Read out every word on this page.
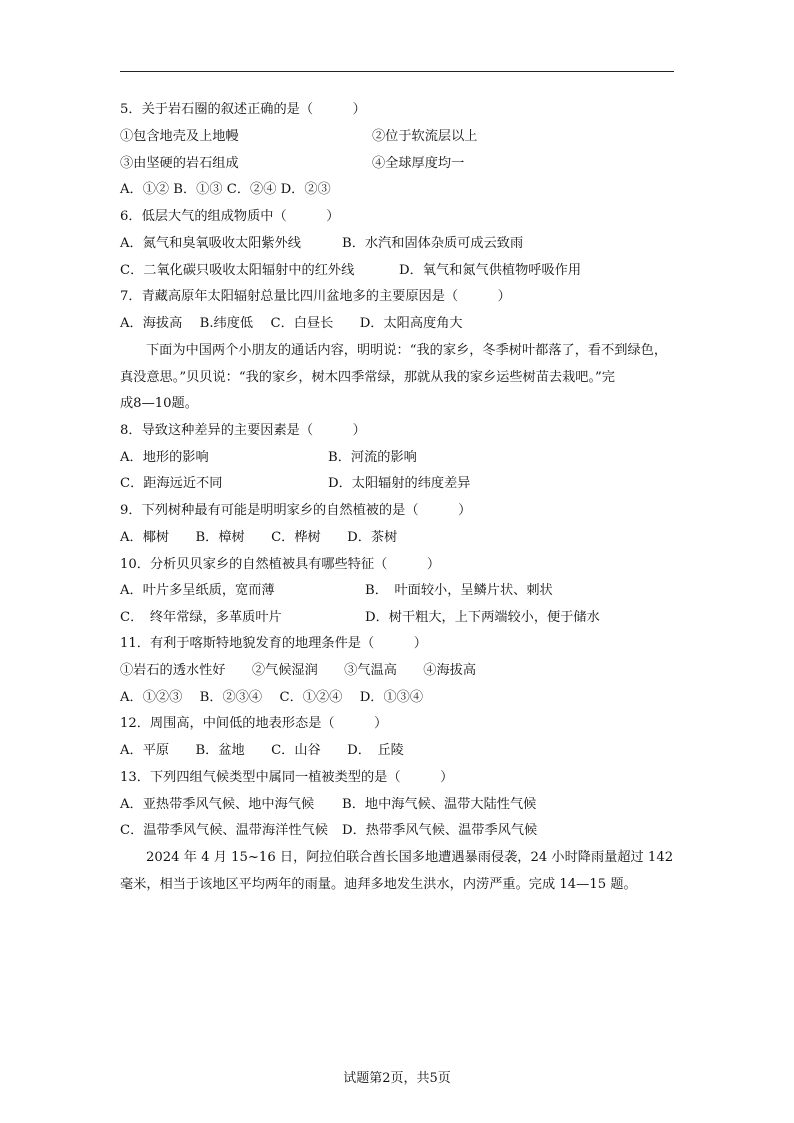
5．关于岩石圈的叙述正确的是（　　　）
①包含地壳及上地幔	②位于软流层以上
③由坚硬的岩石组成	④全球厚度均一
A．①② B．①③ C．②④ D．②③
6．低层大气的组成物质中（　　　）
A．氮气和臭氧吸收太阳紫外线	B．水汽和固体杂质可成云致雨
C．二氧化碳只吸收太阳辐射中的红外线	D．氧气和氮气供植物呼吸作用
7．青藏高原年太阳辐射总量比四川盆地多的主要原因是（　　　）
A．海拔高　 B.纬度低　 C．白昼长　　D．太阳高度角大
下面为中国两个小朋友的通话内容，明明说：“我的家乡，冬季树叶都落了，看不到绿色，
真没意思。”贝贝说：“我的家乡，树木四季常绿，那就从我的家乡运些树苗去栽吧。”完
成8—10题。
8．导致这种差异的主要因素是（　　　）
A．地形的影响	B．河流的影响
C．距海远近不同	D．太阳辐射的纬度差异
9．下列树种最有可能是明明家乡的自然植被的是（　　　）
A．椰树　　B．樟树　　C．桦树　　D．茶树
10．分析贝贝家乡的自然植被具有哪些特征（　　　）
A．叶片多呈纸质，宽而薄	B．　叶面较小，呈鳞片状、刺状
C．　终年常绿，多革质叶片	D．树干粗大，上下两端较小，便于储水
11．有利于喀斯特地貌发育的地理条件是（　　　）
①岩石的透水性好　　②气候湿润　　③气温高　　④海拔高
A．①②③　 B．②③④　 C．①②④　 D．①③④
12．周围高，中间低的地表形态是（　　　）
A．平原　　B．盆地　　C．山谷　　D．　丘陵
13．下列四组气候类型中属同一植被类型的是（　　　）
A．亚热带季风气候、地中海气候 B．地中海气候、温带大陆性气候
C．温带季风气候、温带海洋性气候 D．热带季风气候、温带季风气候
2024 年 4 月 15~16 日，阿拉伯联合酋长国多地遭遇暴雨侵袭，24 小时降雨量超过 142
毫米，相当于该地区平均两年的雨量。迪拜多地发生洪水，内涝严重。完成 14—15 题。
试题第2页，共5页
